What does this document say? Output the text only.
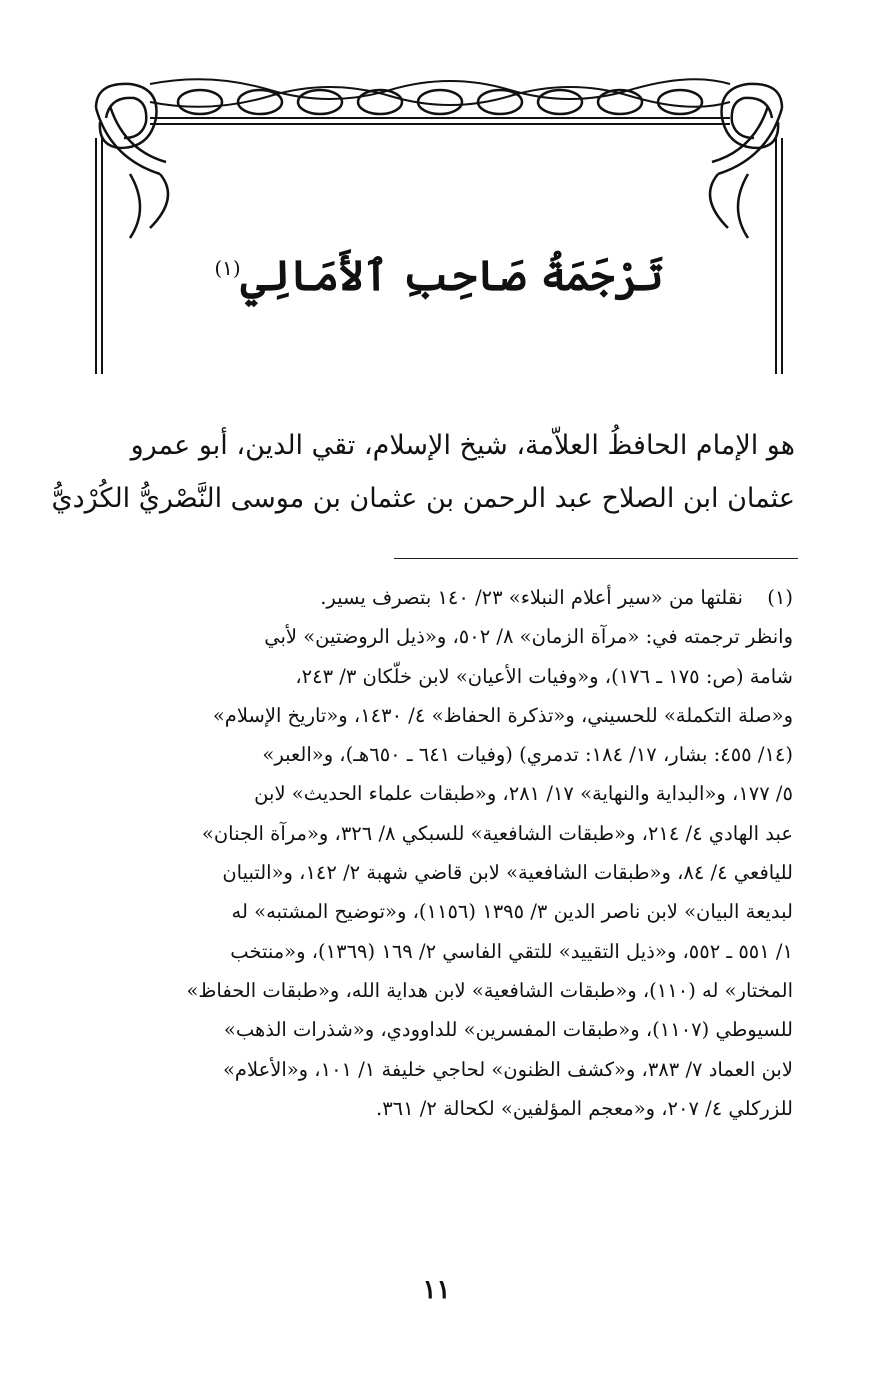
تَرْجَمَةُ صَاحِبِ ٱلأَمَالِي$^{(١)}$
هو الإمام الحافظُ العلاّمة، شيخ الإسلام، تقي الدين، أبو عمرو
عثمان ابن الصلاح عبد الرحمن بن عثمان بن موسى النَّصْريُّ الكُرْديُّ
(١)
نقلتها من «سير أعلام النبلاء» ٢٣/ ١٤٠ بتصرف يسير.
وانظر ترجمته في: «مرآة الزمان» ٨/ ٥٠٢، و«ذيل الروضتين» لأبي
شامة (ص: ١٧٥ ـ ١٧٦)، و«وفيات الأعيان» لابن خلّكان ٣/ ٢٤٣،
و«صلة التكملة» للحسيني، و«تذكرة الحفاظ» ٤/ ١٤٣٠، و«تاريخ الإسلام»
(١٤/ ٤٥٥: بشار، ١٧/ ١٨٤: تدمري) (وفيات ٦٤١ ـ ٦٥٠هـ)، و«العبر»
٥/ ١٧٧، و«البداية والنهاية» ١٧/ ٢٨١، و«طبقات علماء الحديث» لابن
عبد الهادي ٤/ ٢١٤، و«طبقات الشافعية» للسبكي ٨/ ٣٢٦، و«مرآة الجنان»
لليافعي ٤/ ٨٤، و«طبقات الشافعية» لابن قاضي شهبة ٢/ ١٤٢، و«التبيان
لبديعة البيان» لابن ناصر الدين ٣/ ١٣٩٥ (١١٥٦)، و«توضيح المشتبه» له
١/ ٥٥١ ـ ٥٥٢، و«ذيل التقييد» للتقي الفاسي ٢/ ١٦٩ (١٣٦٩)، و«منتخب
المختار» له (١١٠)، و«طبقات الشافعية» لابن هداية الله، و«طبقات الحفاظ»
للسيوطي (١١٠٧)، و«طبقات المفسرين» للداوودي، و«شذرات الذهب»
لابن العماد ٧/ ٣٨٣، و«كشف الظنون» لحاجي خليفة ١/ ١٠١، و«الأعلام»
للزركلي ٤/ ٢٠٧، و«معجم المؤلفين» لكحالة ٢/ ٣٦١.
١١
